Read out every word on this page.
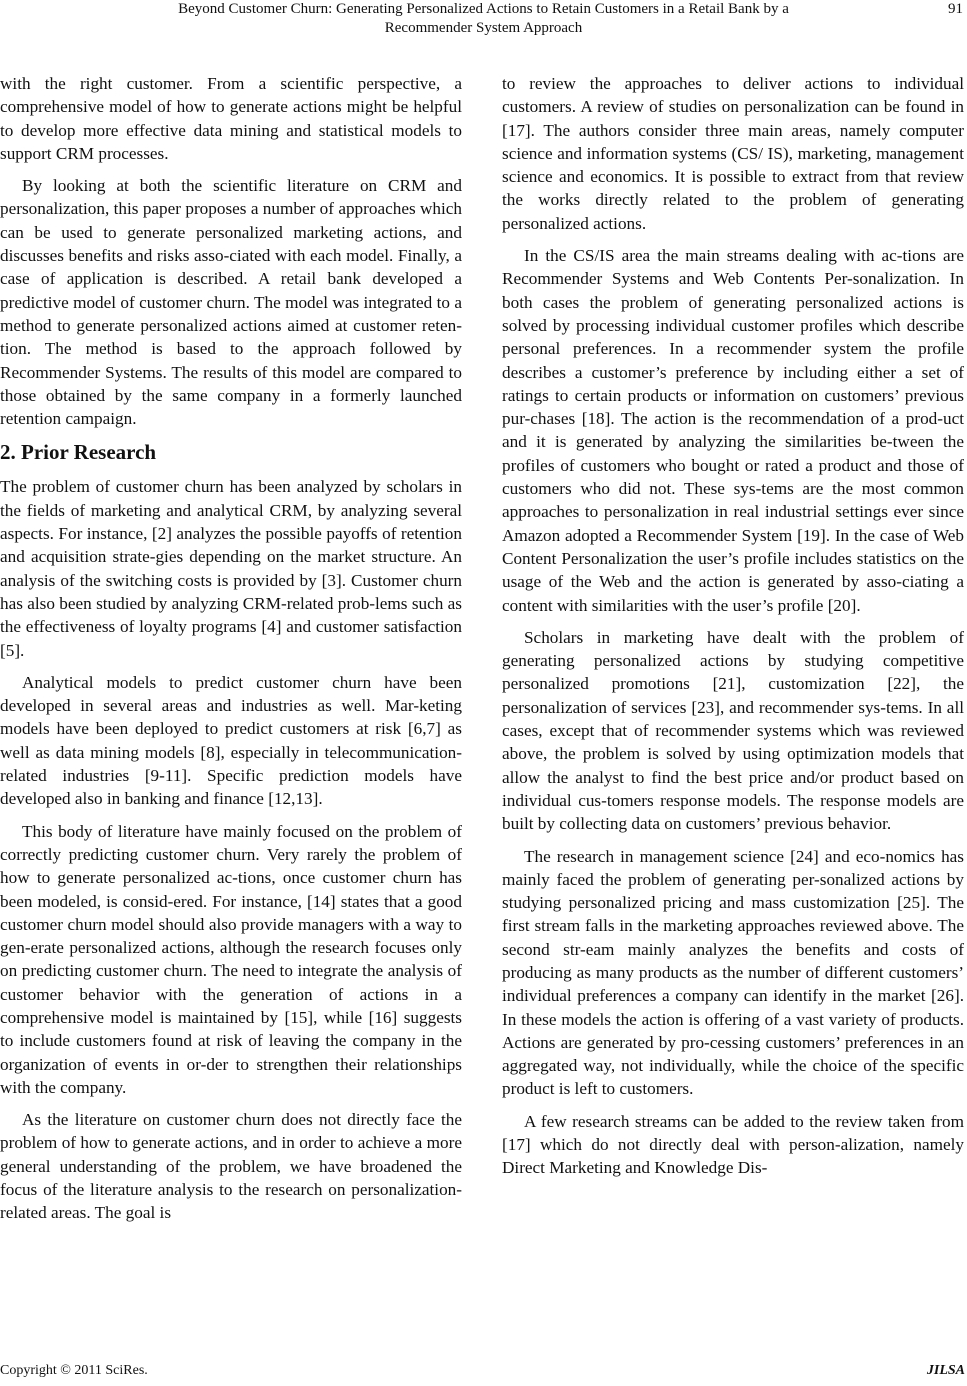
Beyond Customer Churn: Generating Personalized Actions to Retain Customers in a Retail Bank by a Recommender System Approach
91

with the right customer. From a scientific perspective, a comprehensive model of how to generate actions might be helpful to develop more effective data mining and statistical models to support CRM processes.

By looking at both the scientific literature on CRM and personalization, this paper proposes a number of approaches which can be used to generate personalized marketing actions, and discusses benefits and risks asso-ciated with each model. Finally, a case of application is described. A retail bank developed a predictive model of customer churn. The model was integrated to a method to generate personalized actions aimed at customer reten-tion. The method is based to the approach followed by Recommender Systems. The results of this model are compared to those obtained by the same company in a formerly launched retention campaign.

2. Prior Research

The problem of customer churn has been analyzed by scholars in the fields of marketing and analytical CRM, by analyzing several aspects. For instance, [2] analyzes the possible payoffs of retention and acquisition strate-gies depending on the market structure. An analysis of the switching costs is provided by [3]. Customer churn has also been studied by analyzing CRM-related prob-lems such as the effectiveness of loyalty programs [4] and customer satisfaction [5].

Analytical models to predict customer churn have been developed in several areas and industries as well. Mar-keting models have been deployed to predict customers at risk [6,7] as well as data mining models [8], especially in telecommunication-related industries [9-11]. Specific prediction models have developed also in banking and finance [12,13].

This body of literature have mainly focused on the problem of correctly predicting customer churn. Very rarely the problem of how to generate personalized ac-tions, once customer churn has been modeled, is consid-ered. For instance, [14] states that a good customer churn model should also provide managers with a way to gen-erate personalized actions, although the research focuses only on predicting customer churn. The need to integrate the analysis of customer behavior with the generation of actions in a comprehensive model is maintained by [15], while [16] suggests to include customers found at risk of leaving the company in the organization of events in or-der to strengthen their relationships with the company.

As the literature on customer churn does not directly face the problem of how to generate actions, and in order to achieve a more general understanding of the problem, we have broadened the focus of the literature analysis to the research on personalization-related areas. The goal is

to review the approaches to deliver actions to individual customers. A review of studies on personalization can be found in [17]. The authors consider three main areas, namely computer science and information systems (CS/ IS), marketing, management science and economics. It is possible to extract from that review the works directly related to the problem of generating personalized actions.

In the CS/IS area the main streams dealing with ac-tions are Recommender Systems and Web Contents Per-sonalization. In both cases the problem of generating personalized actions is solved by processing individual customer profiles which describe personal preferences. In a recommender system the profile describes a customer’s preference by including either a set of ratings to certain products or information on customers’ previous pur-chases [18]. The action is the recommendation of a prod-uct and it is generated by analyzing the similarities be-tween the profiles of customers who bought or rated a product and those of customers who did not. These sys-tems are the most common approaches to personalization in real industrial settings ever since Amazon adopted a Recommender System [19]. In the case of Web Content Personalization the user’s profile includes statistics on the usage of the Web and the action is generated by asso-ciating a content with similarities with the user’s profile [20].

Scholars in marketing have dealt with the problem of generating personalized actions by studying competitive personalized promotions [21], customization [22], the personalization of services [23], and recommender sys-tems. In all cases, except that of recommender systems which was reviewed above, the problem is solved by using optimization models that allow the analyst to find the best price and/or product based on individual cus-tomers response models. The response models are built by collecting data on customers’ previous behavior.

The research in management science [24] and eco-nomics has mainly faced the problem of generating per-sonalized actions by studying personalized pricing and mass customization [25]. The first stream falls in the marketing approaches reviewed above. The second str-eam mainly analyzes the benefits and costs of producing as many products as the number of different customers’ individual preferences a company can identify in the market [26]. In these models the action is offering of a vast variety of products. Actions are generated by pro-cessing customers’ preferences in an aggregated way, not individually, while the choice of the specific product is left to customers.

A few research streams can be added to the review taken from [17] which do not directly deal with person-alization, namely Direct Marketing and Knowledge Dis-

Copyright © 2011 SciRes.	JILSA
